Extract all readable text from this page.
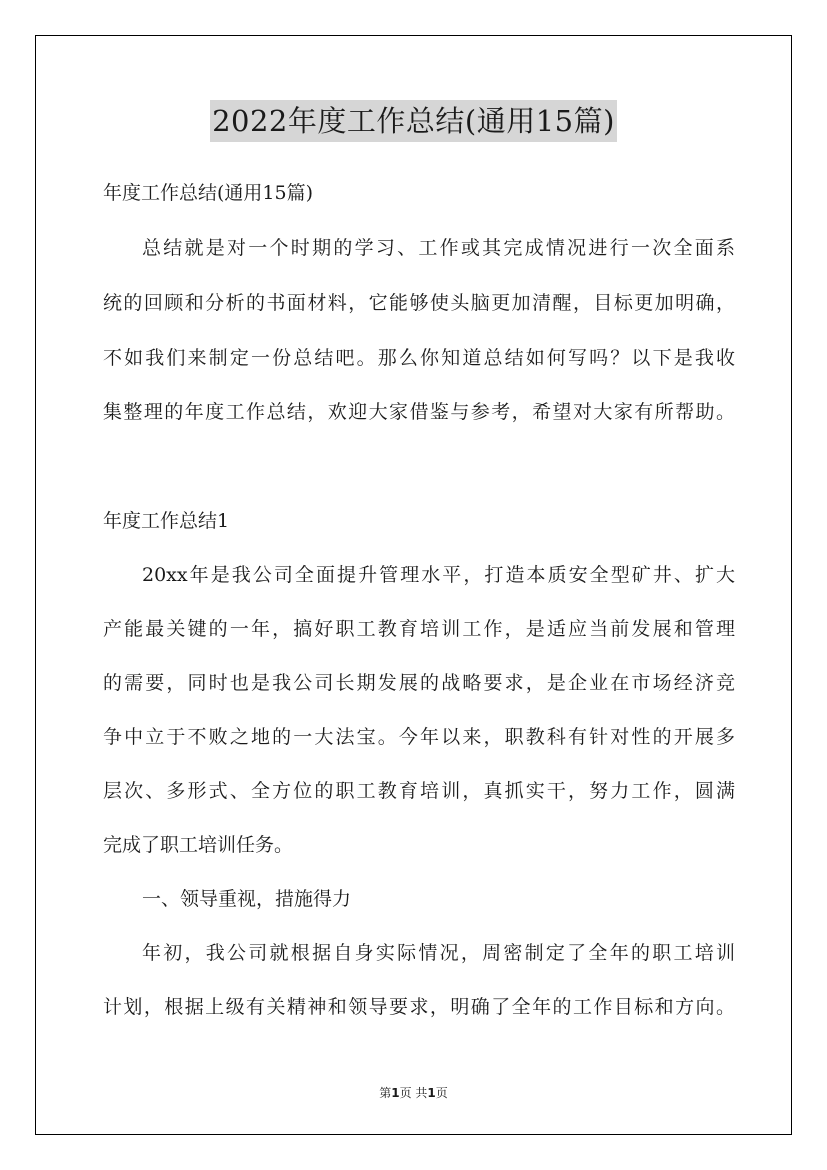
2022年度工作总结(通用15篇)
年度工作总结(通用15篇)
总结就是对一个时期的学习、工作或其完成情况进行一次全面系
统的回顾和分析的书面材料，它能够使头脑更加清醒，目标更加明确，
不如我们来制定一份总结吧。那么你知道总结如何写吗？以下是我收
集整理的年度工作总结，欢迎大家借鉴与参考，希望对大家有所帮助。
年度工作总结1
20xx年是我公司全面提升管理水平，打造本质安全型矿井、扩大
产能最关键的一年，搞好职工教育培训工作，是适应当前发展和管理
的需要，同时也是我公司长期发展的战略要求，是企业在市场经济竞
争中立于不败之地的一大法宝。今年以来，职教科有针对性的开展多
层次、多形式、全方位的职工教育培训，真抓实干，努力工作，圆满
完成了职工培训任务。
一、领导重视，措施得力
年初，我公司就根据自身实际情况，周密制定了全年的职工培训
计划，根据上级有关精神和领导要求，明确了全年的工作目标和方向。
第1页 共1页
